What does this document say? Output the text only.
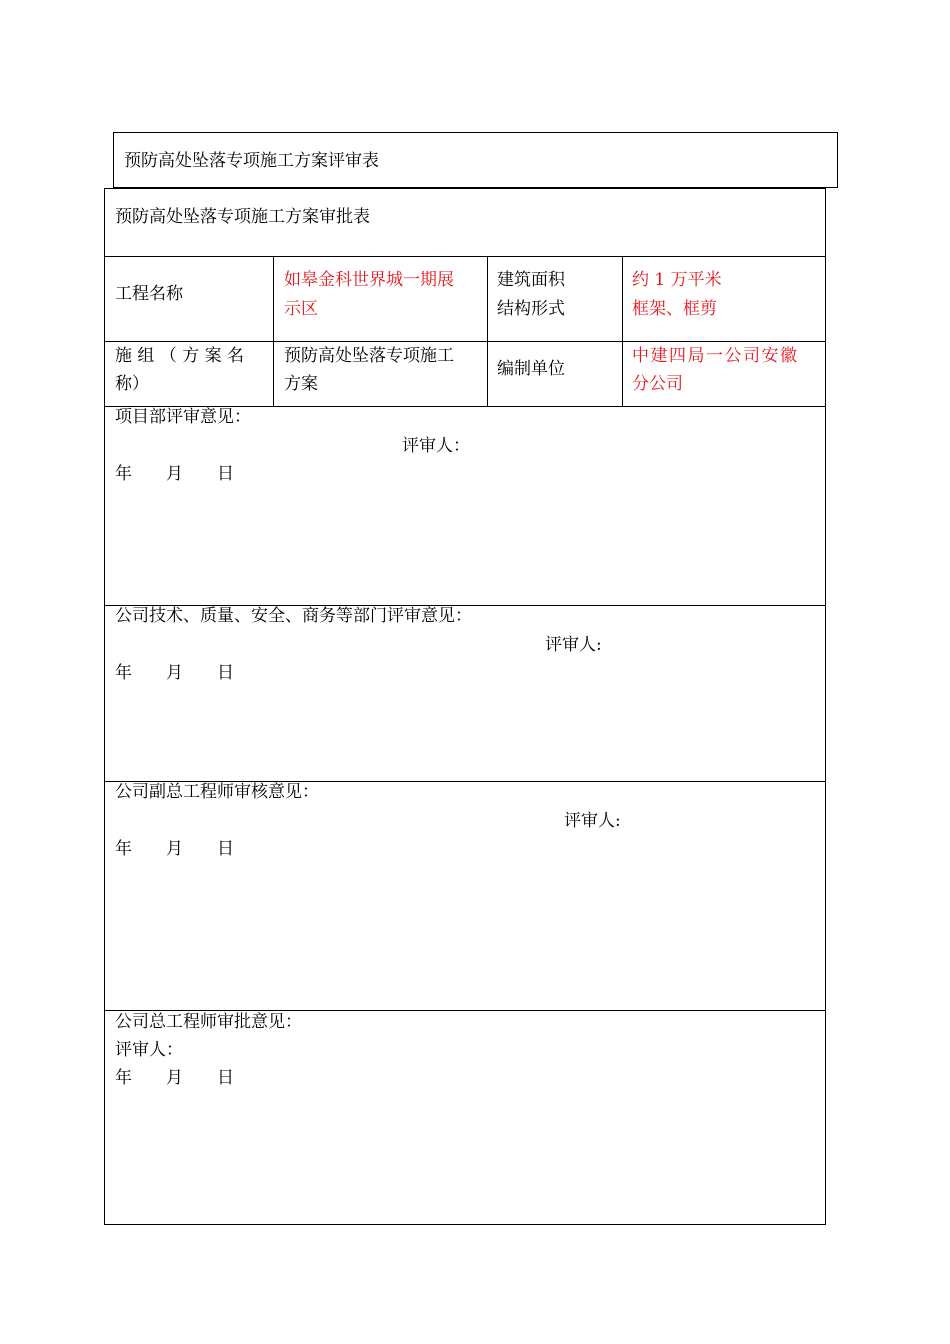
预防高处坠落专项施工方案评审表
预防高处坠落专项施工方案审批表
工程名称
如皋金科世界城一期展
示区
建筑面积
结构形式
约 1 万平米
框架、框剪
施 组 （ 方 案 名
称）
预防高处坠落专项施工
方案
编制单位
中建四局一公司安徽
分公司
项目部评审意见：
评审人：
年　　月　　日
公司技术、质量、安全、商务等部门评审意见：
评审人:
年　　月　　日
公司副总工程师审核意见：
评审人:
年　　月　　日
公司总工程师审批意见：
评审人：
年　　月　　日
